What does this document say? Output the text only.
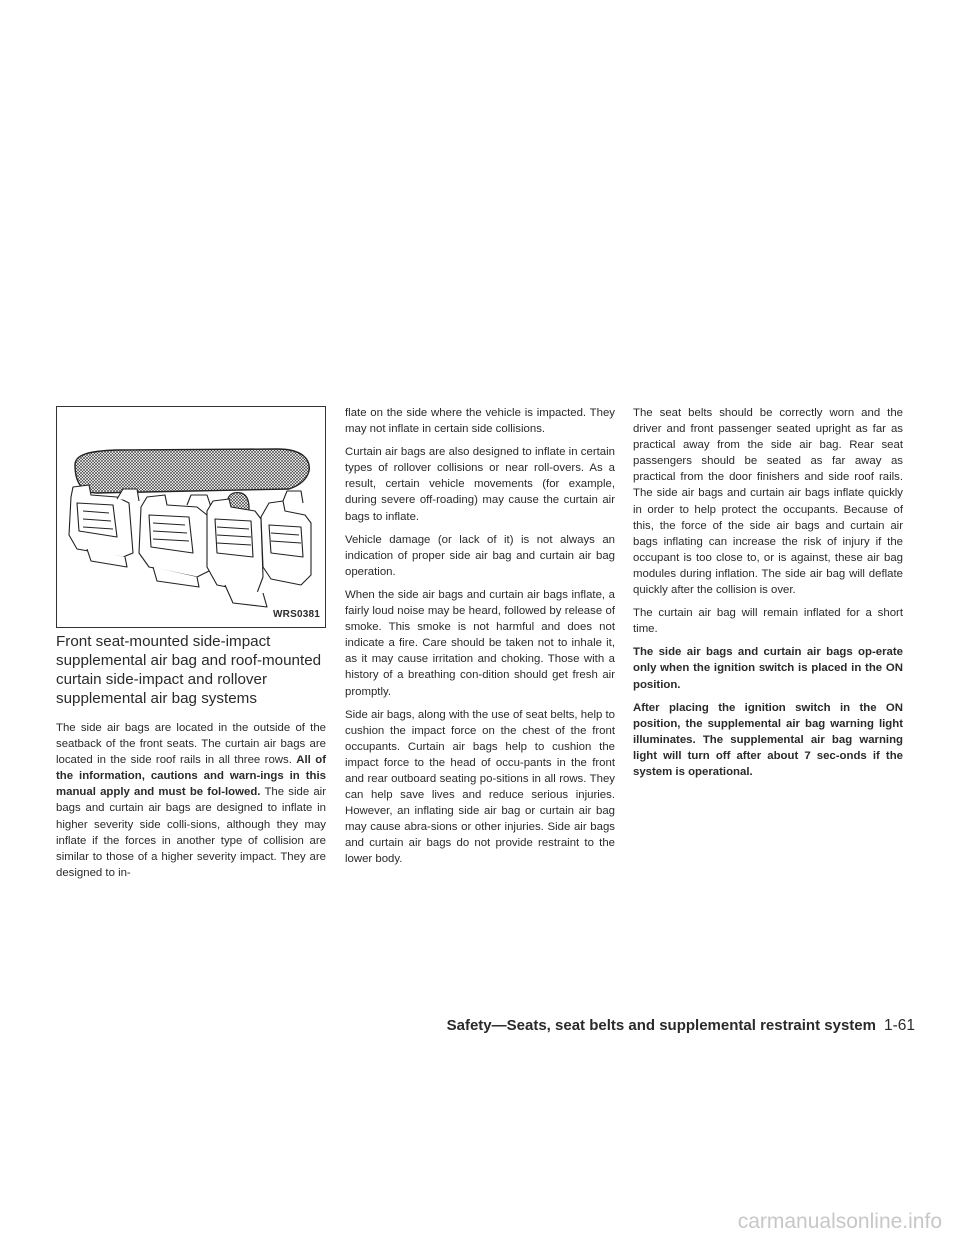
WRS0381
Front seat-mounted side-impact supplemental air bag and roof-mounted curtain side-impact and rollover supplemental air bag systems

The side air bags are located in the outside of the seatback of the front seats. The curtain air bags are located in the side roof rails in all three rows. All of the information, cautions and warn-ings in this manual apply and must be fol-lowed. The side air bags and curtain air bags are designed to inflate in higher severity side colli-sions, although they may inflate if the forces in another type of collision are similar to those of a higher severity impact. They are designed to in-

flate on the side where the vehicle is impacted. They may not inflate in certain side collisions.

Curtain air bags are also designed to inflate in certain types of rollover collisions or near roll-overs. As a result, certain vehicle movements (for example, during severe off-roading) may cause the curtain air bags to inflate.

Vehicle damage (or lack of it) is not always an indication of proper side air bag and curtain air bag operation.

When the side air bags and curtain air bags inflate, a fairly loud noise may be heard, followed by release of smoke. This smoke is not harmful and does not indicate a fire. Care should be taken not to inhale it, as it may cause irritation and choking. Those with a history of a breathing con-dition should get fresh air promptly.

Side air bags, along with the use of seat belts, help to cushion the impact force on the chest of the front occupants. Curtain air bags help to cushion the impact force to the head of occu-pants in the front and rear outboard seating po-sitions in all rows. They can help save lives and reduce serious injuries. However, an inflating side air bag or curtain air bag may cause abra-sions or other injuries. Side air bags and curtain air bags do not provide restraint to the lower body.

The seat belts should be correctly worn and the driver and front passenger seated upright as far as practical away from the side air bag. Rear seat passengers should be seated as far away as practical from the door finishers and side roof rails. The side air bags and curtain air bags inflate quickly in order to help protect the occupants. Because of this, the force of the side air bags and curtain air bags inflating can increase the risk of injury if the occupant is too close to, or is against, these air bag modules during inflation. The side air bag will deflate quickly after the collision is over.

The curtain air bag will remain inflated for a short time.

The side air bags and curtain air bags op-erate only when the ignition switch is placed in the ON position.

After placing the ignition switch in the ON position, the supplemental air bag warning light illuminates. The supplemental air bag warning light will turn off after about 7 sec-onds if the system is operational.

Safety—Seats, seat belts and supplemental restraint system 1-61
carmanualsonline.info
